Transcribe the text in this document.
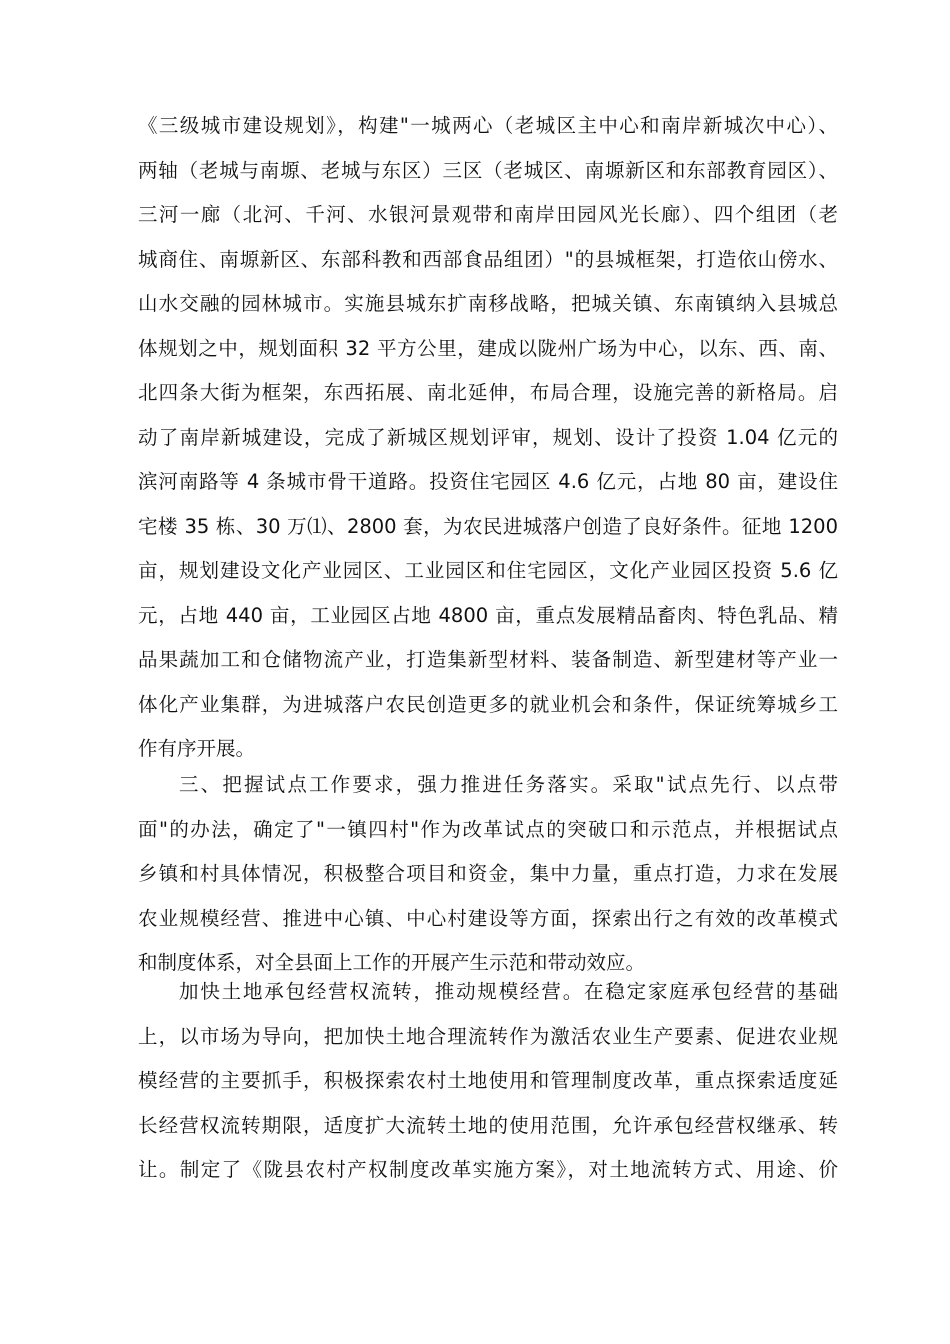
《三级城市建设规划》，构建"一城两心（老城区主中心和南岸新城次中心）、
两轴（老城与南塬、老城与东区）三区（老城区、南塬新区和东部教育园区）、
三河一廊（北河、千河、水银河景观带和南岸田园风光长廊）、四个组团（老
城商住、南塬新区、东部科教和西部食品组团）"的县城框架，打造依山傍水、
山水交融的园林城市。实施县城东扩南移战略，把城关镇、东南镇纳入县城总
体规划之中，规划面积 32 平方公里，建成以陇州广场为中心，以东、西、南、
北四条大街为框架，东西拓展、南北延伸，布局合理，设施完善的新格局。启
动了南岸新城建设，完成了新城区规划评审，规划、设计了投资 1.04 亿元的
滨河南路等 4 条城市骨干道路。投资住宅园区 4.6 亿元，占地 80 亩，建设住
宅楼 35 栋、30 万⑴、2800 套，为农民进城落户创造了良好条件。征地 1200
亩，规划建设文化产业园区、工业园区和住宅园区，文化产业园区投资 5.6 亿
元，占地 440 亩，工业园区占地 4800 亩，重点发展精品畜肉、特色乳品、精
品果蔬加工和仓储物流产业，打造集新型材料、装备制造、新型建材等产业一
体化产业集群，为进城落户农民创造更多的就业机会和条件，保证统筹城乡工
作有序开展。
三、把握试点工作要求，强力推进任务落实。采取"试点先行、以点带
面"的办法，确定了"一镇四村"作为改革试点的突破口和示范点，并根据试点
乡镇和村具体情况，积极整合项目和资金，集中力量，重点打造，力求在发展
农业规模经营、推进中心镇、中心村建设等方面，探索出行之有效的改革模式
和制度体系，对全县面上工作的开展产生示范和带动效应。
加快土地承包经营权流转，推动规模经营。在稳定家庭承包经营的基础
上，以市场为导向，把加快土地合理流转作为激活农业生产要素、促进农业规
模经营的主要抓手，积极探索农村土地使用和管理制度改革，重点探索适度延
长经营权流转期限，适度扩大流转土地的使用范围，允许承包经营权继承、转
让。制定了《陇县农村产权制度改革实施方案》，对土地流转方式、用途、价
